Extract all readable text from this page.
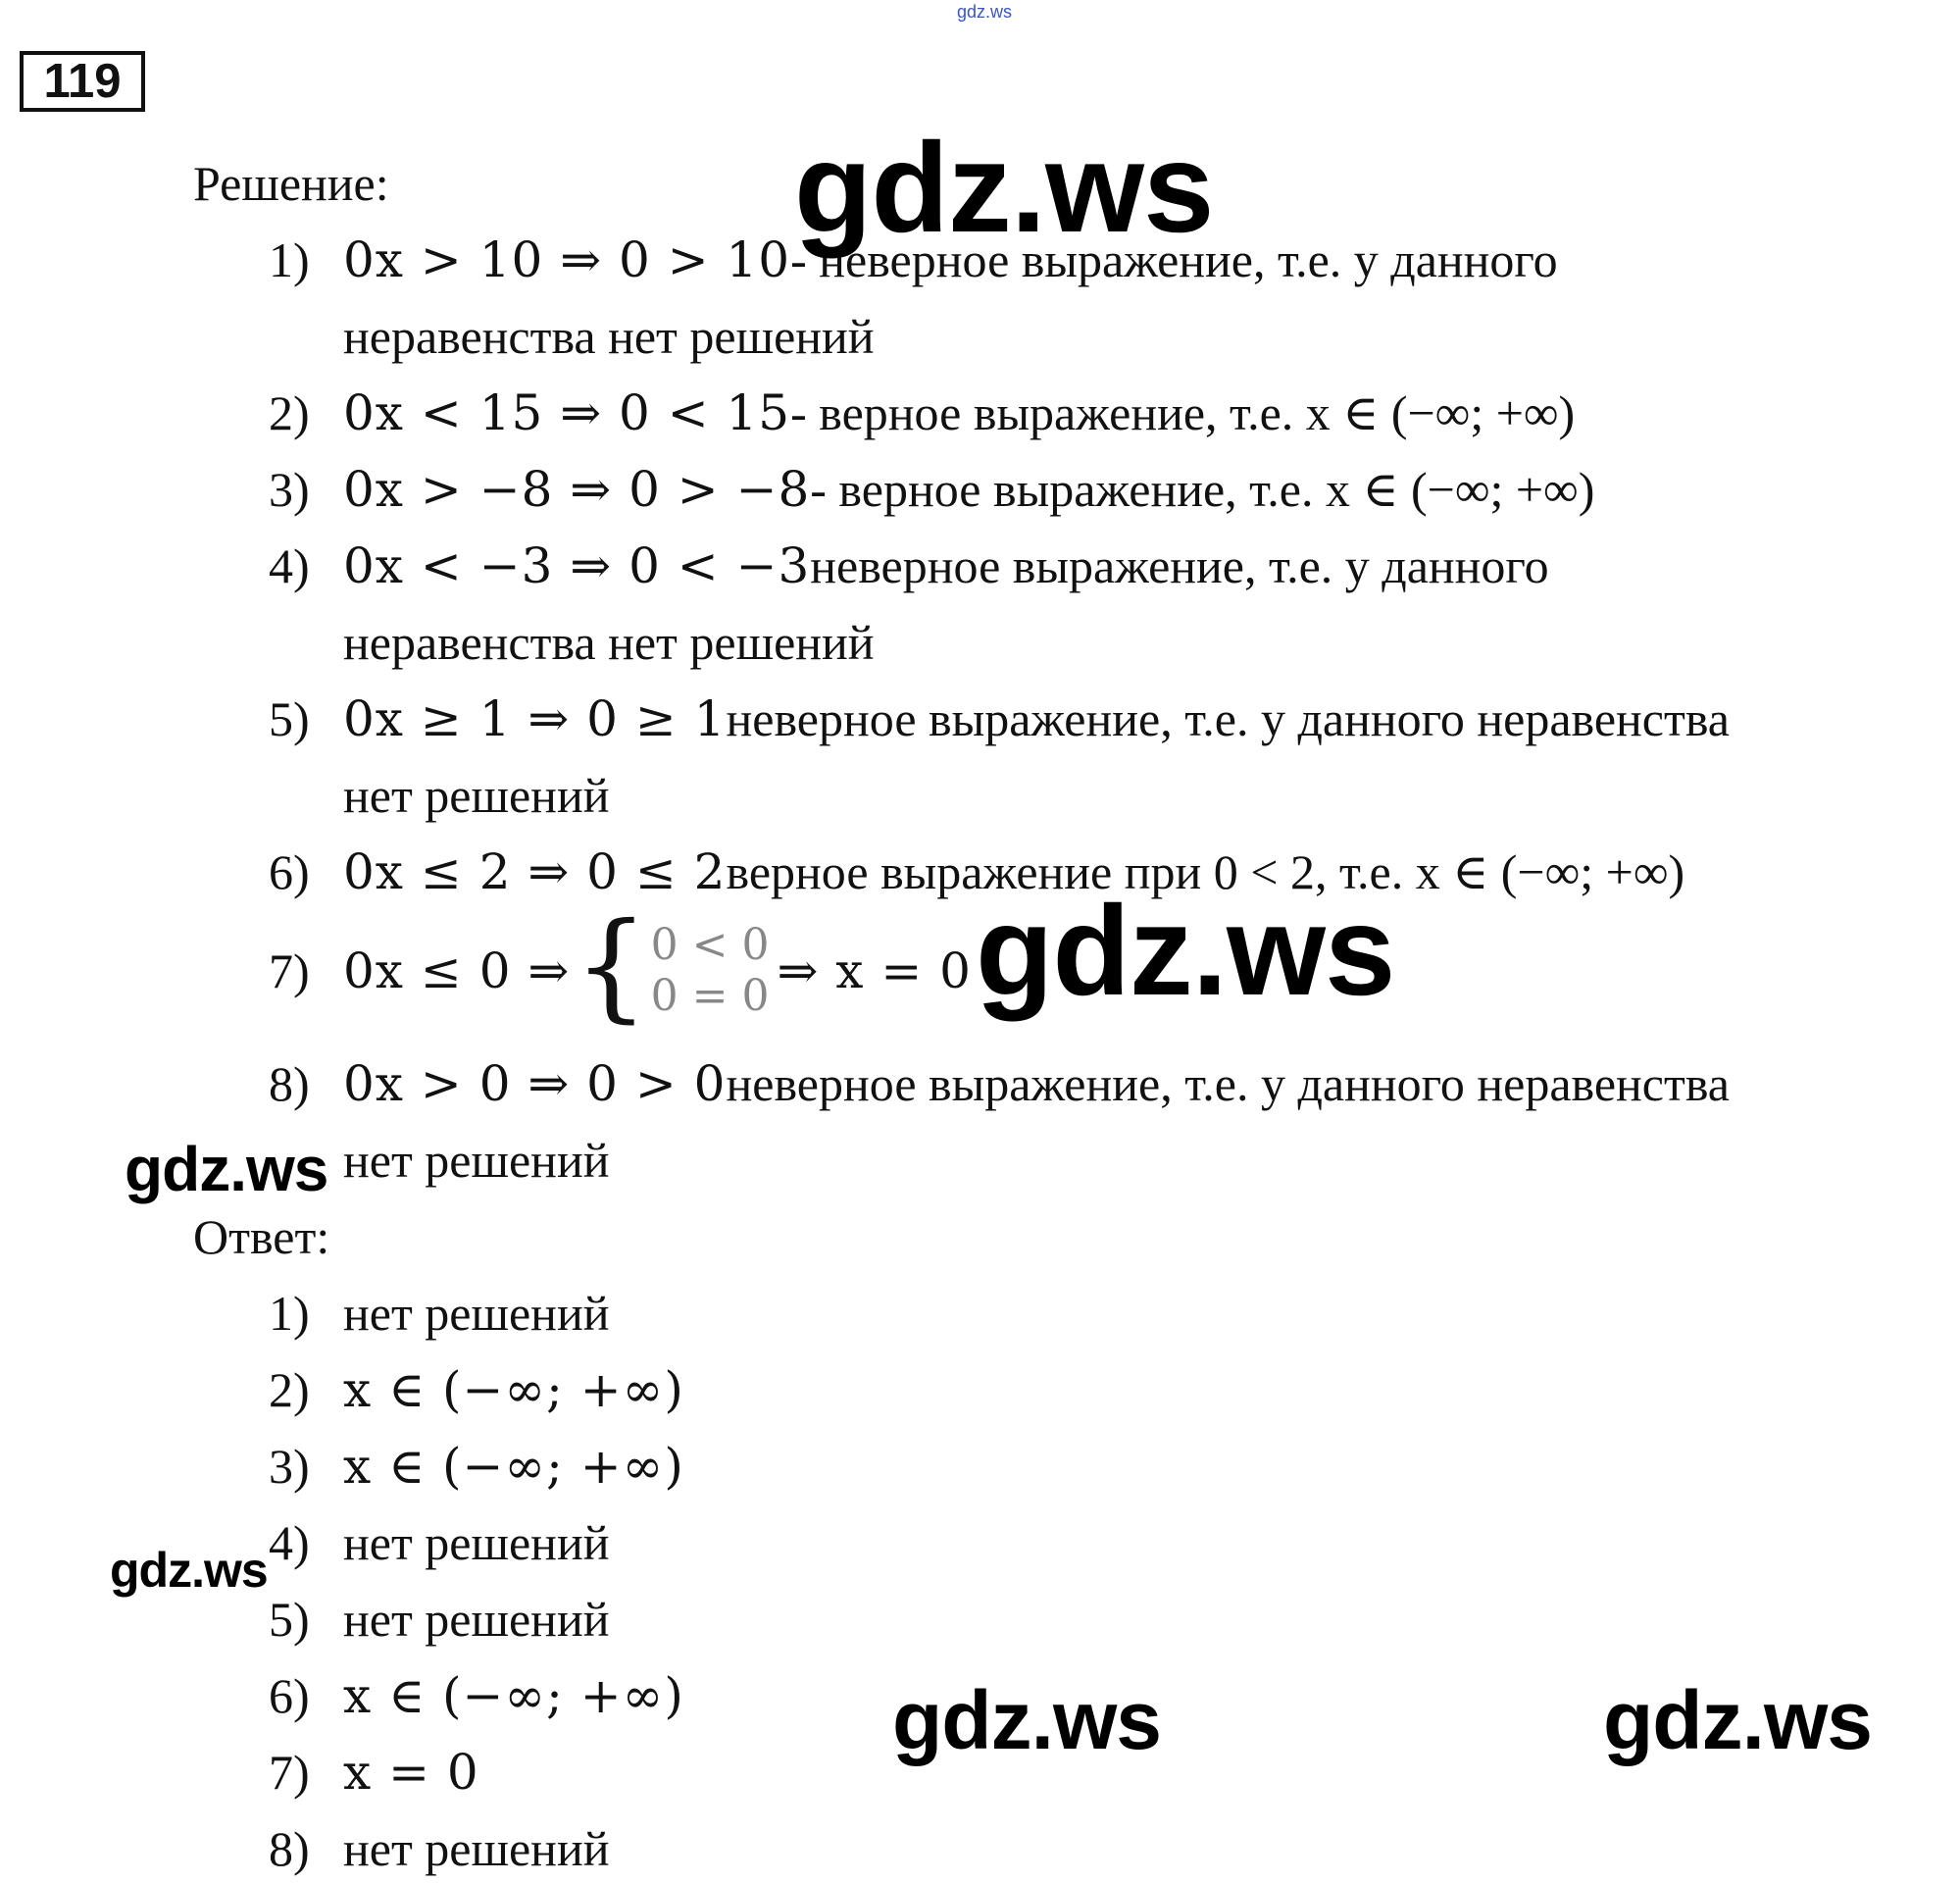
gdz.ws
119
Решение:
1) 0x > 10 ⇒ 0 > 10 - неверное выражение, т.е. у данного
неравенства нет решений
2) 0x < 15 ⇒ 0 < 15 - верное выражение, т.е. x ∈ (−∞; +∞)
3) 0x > −8 ⇒ 0 > −8 - верное выражение, т.е. x ∈ (−∞; +∞)
4) 0x < −3 ⇒ 0 < −3 неверное выражение, т.е. у данного
неравенства нет решений
5) 0x ≥ 1 ⇒ 0 ≥ 1 неверное выражение, т.е. у данного неравенства
нет решений
6) 0x ≤ 2 ⇒ 0 ≤ 2 верное выражение при 0 < 2, т.е. x ∈ (−∞; +∞)
7) 0x ≤ 0 ⇒ { 0 < 0
0 = 0 ⇒ x = 0
8) 0x > 0 ⇒ 0 > 0 неверное выражение, т.е. у данного неравенства
нет решений
Ответ:
1) нет решений
2) x ∈ (−∞; +∞)
3) x ∈ (−∞; +∞)
4) нет решений
5) нет решений
6) x ∈ (−∞; +∞)
7) x = 0
8) нет решений
gdz.ws
gdz.ws
gdz.ws
gdz.ws
gdz.ws	gdz.ws
